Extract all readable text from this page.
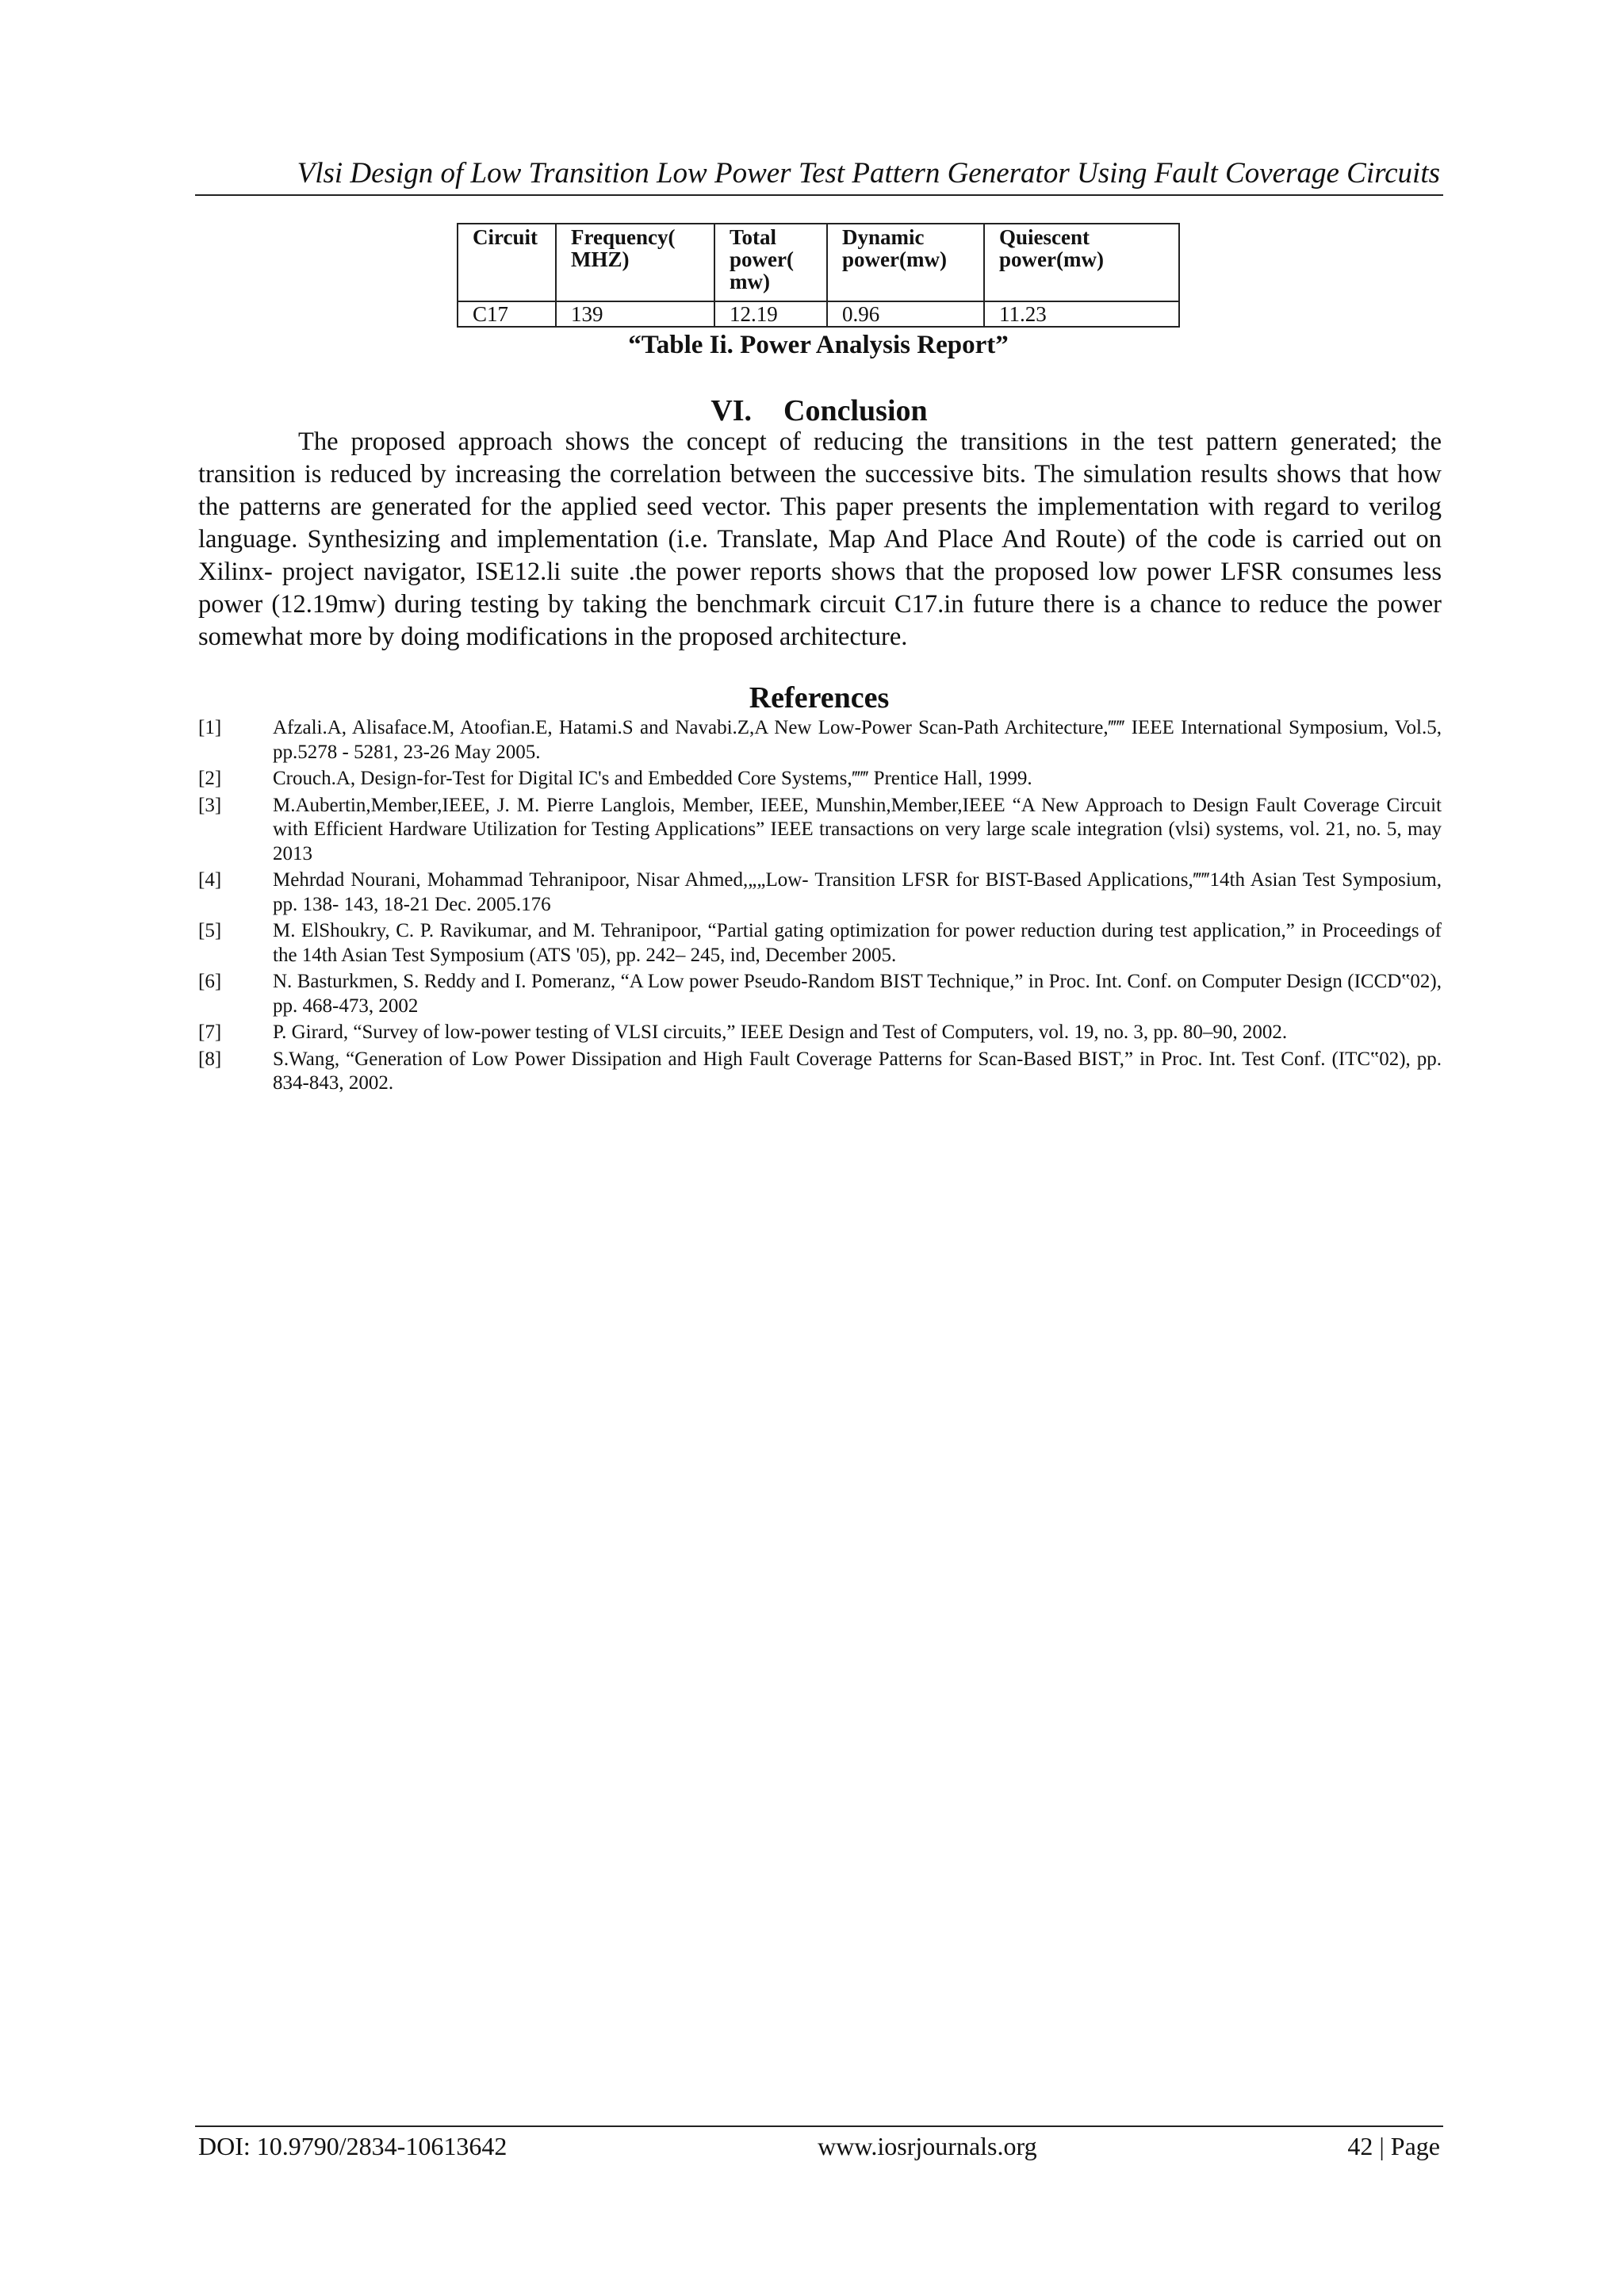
Vlsi Design of Low Transition Low Power Test Pattern Generator Using Fault Coverage Circuits
Circuit	Frequency( MHZ)	Total power( mw)	Dynamic power(mw)	Quiescent power(mw)
C17	139	12.19	0.96	11.23
“Table Ii. Power Analysis Report”
VI. Conclusion

The proposed approach shows the concept of reducing the transitions in the test pattern generated; the transition is reduced by increasing the correlation between the successive bits. The simulation results shows that how the patterns are generated for the applied seed vector. This paper presents the implementation with regard to verilog language. Synthesizing and implementation (i.e. Translate, Map And Place And Route) of the code is carried out on Xilinx- project navigator, ISE12.li suite .the power reports shows that the proposed low power LFSR consumes less power (12.19mw) during testing by taking the benchmark circuit C17.in future there is a chance to reduce the power somewhat more by doing modifications in the proposed architecture.

References
[1]	Afzali.A, Alisaface.M, Atoofian.E, Hatami.S and Navabi.Z,A New Low-Power Scan-Path Architecture,‴‴ IEEE International Symposium, Vol.5, pp.5278 - 5281, 23-26 May 2005.
[2]	Crouch.A, Design-for-Test for Digital IC's and Embedded Core Systems,‴‴ Prentice Hall, 1999.
[3]	M.Aubertin,Member,IEEE, J. M. Pierre Langlois, Member, IEEE, Munshin,Member,IEEE “A New Approach to Design Fault Coverage Circuit with Efficient Hardware Utilization for Testing Applications” IEEE transactions on very large scale integration (vlsi) systems, vol. 21, no. 5, may 2013
[4]	Mehrdad Nourani, Mohammad Tehranipoor, Nisar Ahmed,„„Low- Transition LFSR for BIST-Based Applications,‴‴14th Asian Test Symposium, pp. 138- 143, 18-21 Dec. 2005.176
[5]	M. ElShoukry, C. P. Ravikumar, and M. Tehranipoor, “Partial gating optimization for power reduction during test application,” in Proceedings of the 14th Asian Test Symposium (ATS '05), pp. 242– 245, ind, December 2005.
[6]	N. Basturkmen, S. Reddy and I. Pomeranz, “A Low power Pseudo-Random BIST Technique,” in Proc. Int. Conf. on Computer Design (ICCD‟02), pp. 468-473, 2002
[7]	P. Girard, “Survey of low-power testing of VLSI circuits,” IEEE Design and Test of Computers, vol. 19, no. 3, pp. 80–90, 2002.
[8]	S.Wang, “Generation of Low Power Dissipation and High Fault Coverage Patterns for Scan-Based BIST,” in Proc. Int. Test Conf. (ITC‟02), pp. 834-843, 2002.
DOI: 10.9790/2834-10613642	www.iosrjournals.org	42 | Page
